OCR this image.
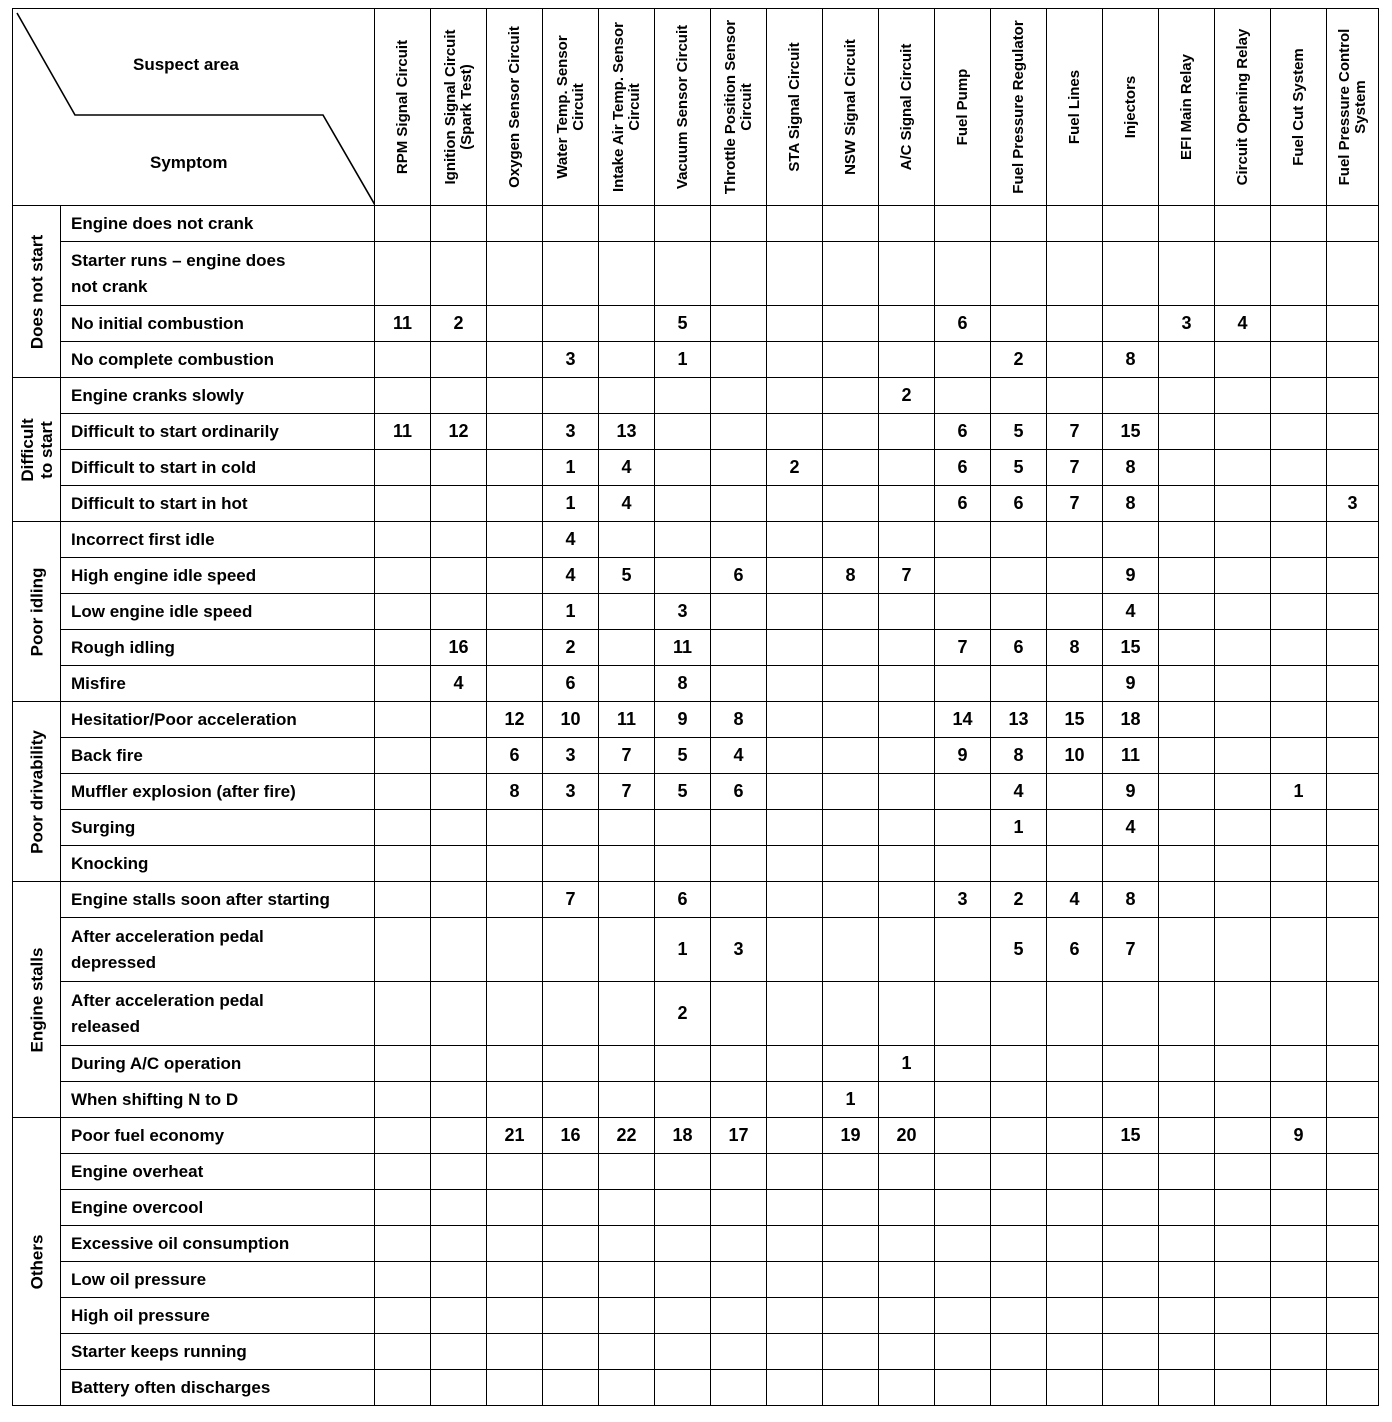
Suspect area
Symptom		RPM Signal Circuit	Ignition Signal Circuit (Spark Test)	Oxygen Sensor Circuit	Water Temp. Sensor Circuit	Intake Air Temp. Sensor Circuit	Vacuum Sensor Circuit	Throttle Position Sensor Circuit	STA Signal Circuit	NSW Signal Circuit	A/C Signal Circuit	Fuel Pump	Fuel Pressure Regulator	Fuel Lines	Injectors	EFI Main Relay	Circuit Opening Relay	Fuel Cut System	Fuel Pressure Control System

Does not start	Engine does not crank																		
	Starter runs – engine does not crank																		
	No initial combustion	11	2				5					6				3	4		
	No complete combustion				3		1						2		8				

Difficult to start	Engine cranks slowly										2								
	Difficult to start ordinarily	11	12		3	13						6	5	7	15				
	Difficult to start in cold				1	4			2			6	5	7	8				
	Difficult to start in hot				1	4						6	6	7	8				3

Poor idling	Incorrect first idle				4														
	High engine idle speed				4	5		6		8	7				9				
	Low engine idle speed				1		3								4				
	Rough idling		16		2		11					7	6	8	15				
	Misfire		4		6		8								9				

Poor drivability	Hesitatior/Poor acceleration			12	10	11	9	8				14	13	15	18				
	Back fire			6	3	7	5	4				9	8	10	11				
	Muffler explosion (after fire)			8	3	7	5	6					4		9			1	
	Surging												1		4				
	Knocking																		

Engine stalls	Engine stalls soon after starting				7		6					3	2	4	8				
	After acceleration pedal depressed						1	3					5	6	7				
	After acceleration pedal released						2												
	During A/C operation										1								
	When shifting N to D									1									

Others	Poor fuel economy			21	16	22	18	17		19	20				15			9	
	Engine overheat																		
	Engine overcool																		
	Excessive oil consumption																		
	Low oil pressure																		
	High oil pressure																		
	Starter keeps running																		
	Battery often discharges																		
